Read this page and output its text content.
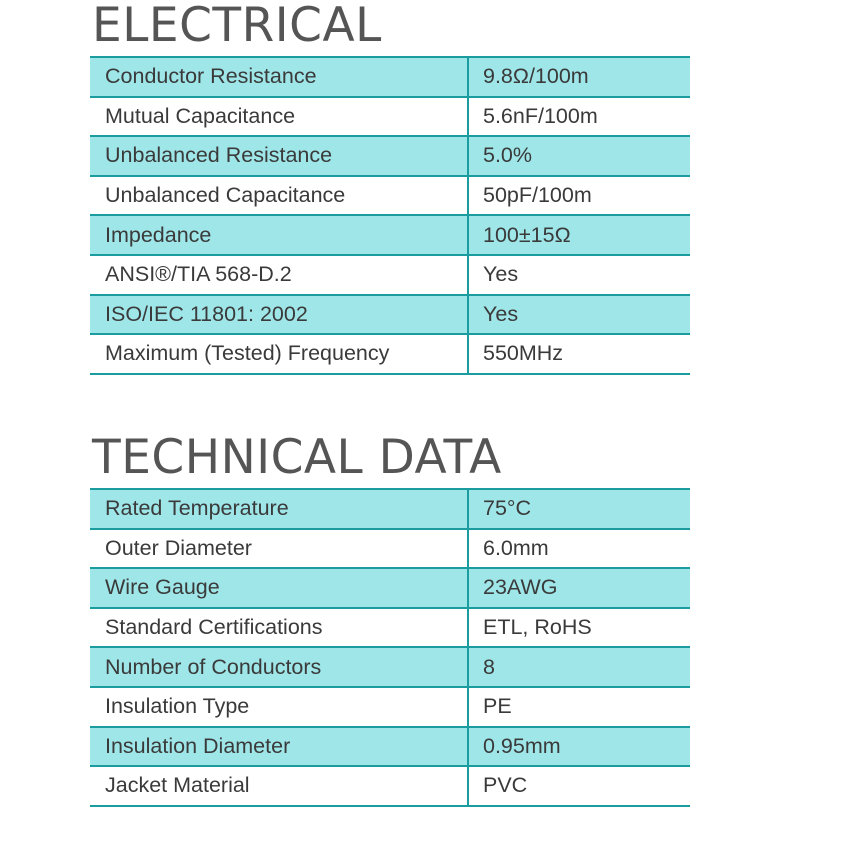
ELECTRICAL
Conductor Resistance	9.8Ω/100m
Mutual Capacitance	5.6nF/100m
Unbalanced Resistance	5.0%
Unbalanced Capacitance	50pF/100m
Impedance	100±15Ω
ANSI®/TIA 568-D.2	Yes
ISO/IEC 11801: 2002	Yes
Maximum (Tested) Frequency	550MHz
TECHNICAL DATA
Rated Temperature	75°C
Outer Diameter	6.0mm
Wire Gauge	23AWG
Standard Certifications	ETL, RoHS
Number of Conductors	8
Insulation Type	PE
Insulation Diameter	0.95mm
Jacket Material	PVC
